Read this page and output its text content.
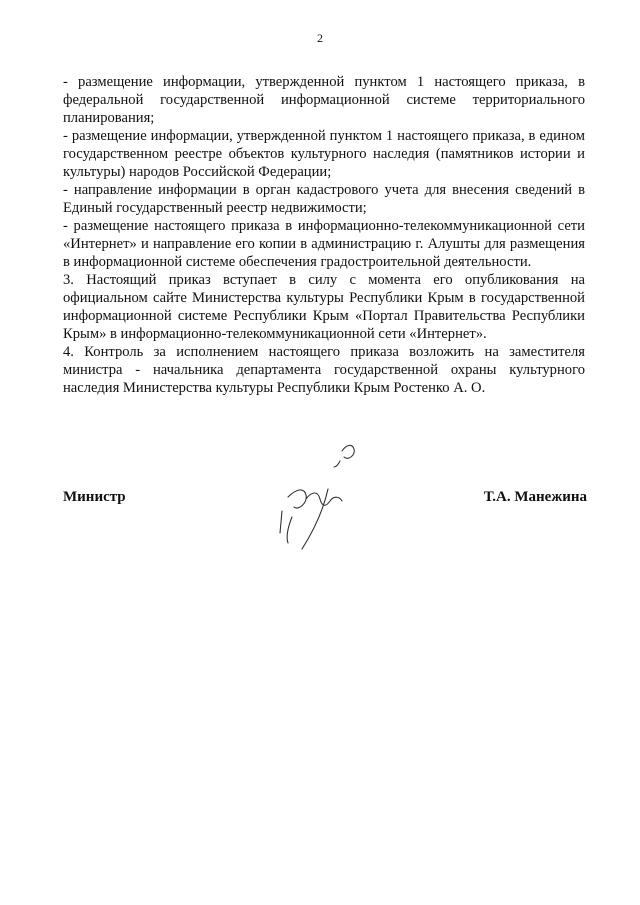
2

- размещение информации, утвержденной пунктом 1 настоящего приказа, в федеральной государственной информационной системе территориального планирования;

- размещение информации, утвержденной пунктом 1 настоящего приказа, в едином государственном реестре объектов культурного наследия (памятников истории и культуры) народов Российской Федерации;

- направление информации в орган кадастрового учета для внесения сведений в Единый государственный реестр недвижимости;

- размещение настоящего приказа в информационно-телекоммуникационной сети «Интернет» и направление его копии в администрацию г. Алушты для размещения в информационной системе обеспечения градостроительной деятельности.

3. Настоящий приказ вступает в силу с момента его опубликования на официальном сайте Министерства культуры Республики Крым в государственной информационной системе Республики Крым «Портал Правительства Республики Крым» в информационно-телекоммуникационной сети «Интернет».

4. Контроль за исполнением настоящего приказа возложить на заместителя министра - начальника департамента государственной охраны культурного наследия Министерства культуры Республики Крым Ростенко А. О.

Министр	Т.А. Манежина
